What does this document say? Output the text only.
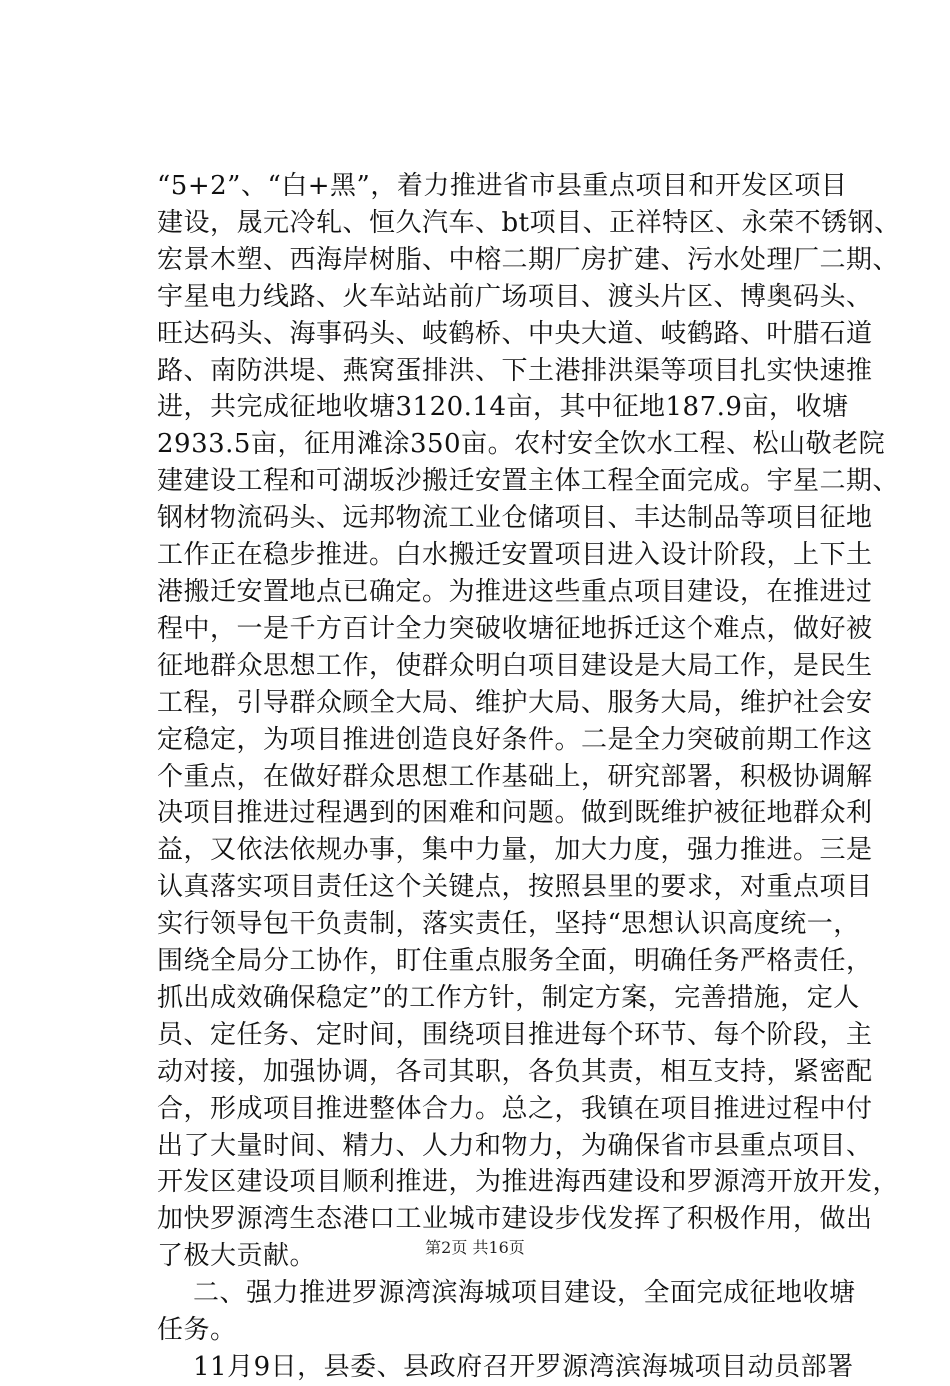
“5+2”、“白+黑”，着力推进省市县重点项目和开发区项目
建设，晟元冷轧、恒久汽车、bt项目、正祥特区、永荣不锈钢、
宏景木塑、西海岸树脂、中榕二期厂房扩建、污水处理厂二期、
宇星电力线路、火车站站前广场项目、渡头片区、博奥码头、
旺达码头、海事码头、岐鹤桥、中央大道、岐鹤路、叶腊石道
路、南防洪堤、燕窝蛋排洪、下土港排洪渠等项目扎实快速推
进，共完成征地收塘3120.14亩，其中征地187.9亩，收塘
2933.5亩，征用滩涂350亩。农村安全饮水工程、松山敬老院
建建设工程和可湖坂沙搬迁安置主体工程全面完成。宇星二期、
钢材物流码头、远邦物流工业仓储项目、丰达制品等项目征地
工作正在稳步推进。白水搬迁安置项目进入设计阶段，上下土
港搬迁安置地点已确定。为推进这些重点项目建设，在推进过
程中，一是千方百计全力突破收塘征地拆迁这个难点，做好被
征地群众思想工作，使群众明白项目建设是大局工作，是民生
工程，引导群众顾全大局、维护大局、服务大局，维护社会安
定稳定，为项目推进创造良好条件。二是全力突破前期工作这
个重点，在做好群众思想工作基础上，研究部署，积极协调解
决项目推进过程遇到的困难和问题。做到既维护被征地群众利
益，又依法依规办事，集中力量，加大力度，强力推进。三是
认真落实项目责任这个关键点，按照县里的要求，对重点项目
实行领导包干负责制，落实责任，坚持“思想认识高度统一，
围绕全局分工协作，盯住重点服务全面，明确任务严格责任，
抓出成效确保稳定”的工作方针，制定方案，完善措施，定人
员、定任务、定时间，围绕项目推进每个环节、每个阶段，主
动对接，加强协调，各司其职，各负其责，相互支持，紧密配
合，形成项目推进整体合力。总之，我镇在项目推进过程中付
出了大量时间、精力、人力和物力，为确保省市县重点项目、
开发区建设项目顺利推进，为推进海西建设和罗源湾开放开发，
加快罗源湾生态港口工业城市建设步伐发挥了积极作用，做出
了极大贡献。
二、强力推进罗源湾滨海城项目建设，全面完成征地收塘
任务。
11月9日，县委、县政府召开罗源湾滨海城项目动员部署
第2页 共16页
